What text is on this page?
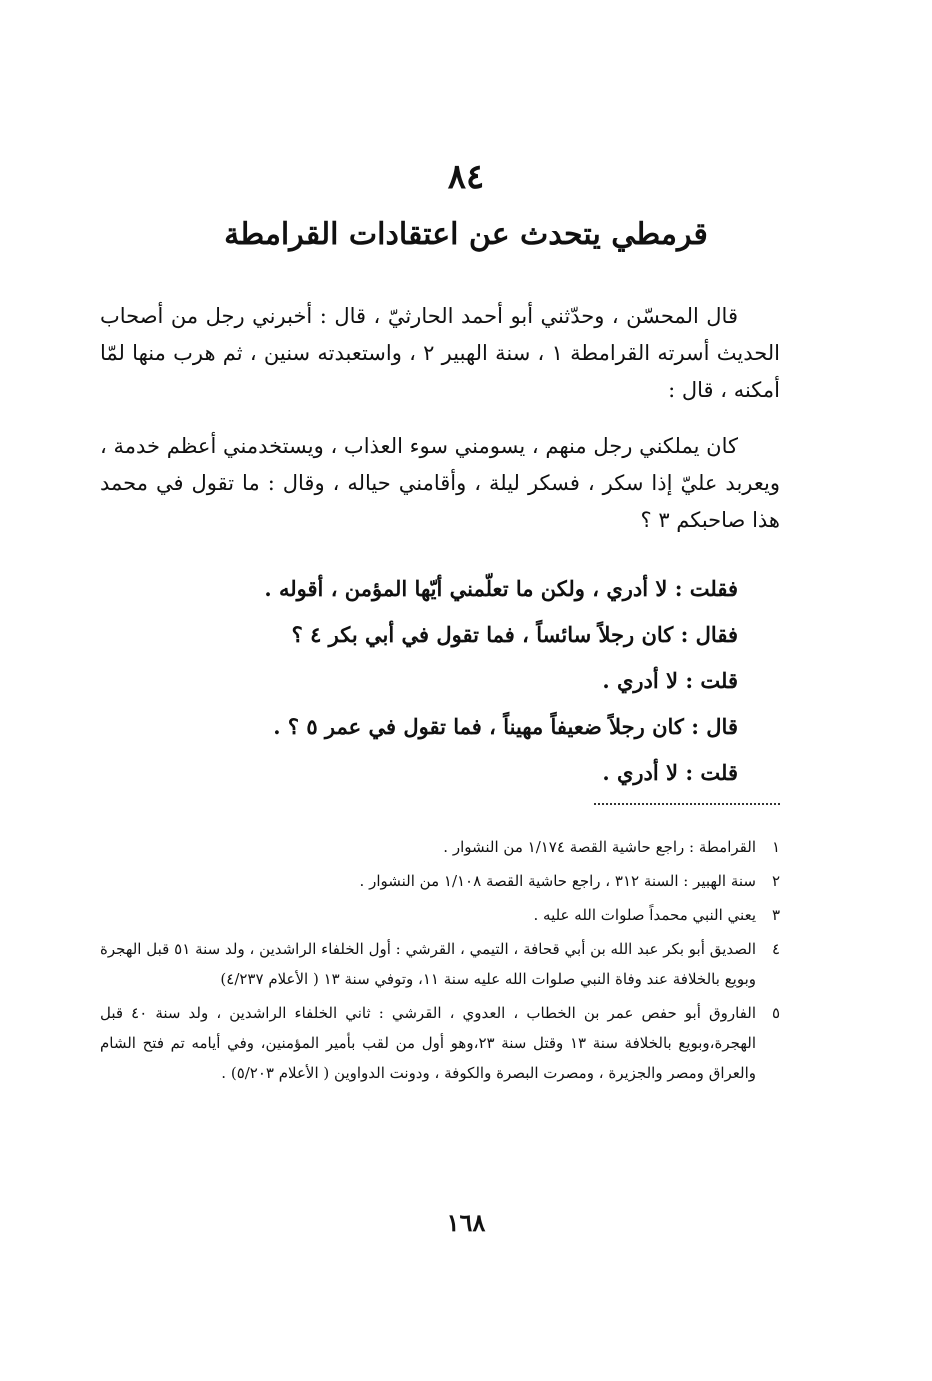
٨٤
قرمطي يتحدث عن اعتقادات القرامطة

قال المحسّن ، وحدّثني أبو أحمد الحارثيّ ، قال : أخبرني رجل من أصحاب الحديث أسرته القرامطة ١ ، سنة الهبير ٢ ، واستعبدته سنين ، ثم هرب منها لمّا أمكنه ، قال :

كان يملكني رجل منهم ، يسومني سوء العذاب ، ويستخدمني أعظم خدمة ، ويعربد عليّ إذا سكر ، فسكر ليلة ، وأقامني حياله ، وقال : ما تقول في محمد هذا صاحبكم ٣ ؟

فقلت : لا أدري ، ولكن ما تعلّمني أيّها المؤمن ، أقوله .
فقال : كان رجلاً سائساً ، فما تقول في أبي بكر ٤ ؟
قلت : لا أدري .
قال : كان رجلاً ضعيفاً مهيناً ، فما تقول في عمر ٥ ؟ .
قلت : لا أدري .
١
القرامطة : راجع حاشية القصة ١/١٧٤ من النشوار .
٢
سنة الهبير : السنة ٣١٢ ، راجع حاشية القصة ١/١٠٨ من النشوار .
٣
يعني النبي محمداً صلوات الله عليه .
٤
الصديق أبو بكر عبد الله بن أبي قحافة ، التيمي ، القرشي : أول الخلفاء الراشدين ، ولد سنة ٥١ قبل الهجرة وبويع بالخلافة عند وفاة النبي صلوات الله عليه سنة ١١، وتوفي سنة ١٣ ( الأعلام ٤/٢٣٧)
٥
الفاروق أبو حفص عمر بن الخطاب ، العدوي ، القرشي : ثاني الخلفاء الراشدين ، ولد سنة ٤٠ قبل الهجرة،وبويع بالخلافة سنة ١٣ وقتل سنة ٢٣،وهو أول من لقب بأمير المؤمنين، وفي أيامه تم فتح الشام والعراق ومصر والجزيرة ، ومصرت البصرة والكوفة ، ودونت الدواوين ( الأعلام ٥/٢٠٣) .
١٦٨
